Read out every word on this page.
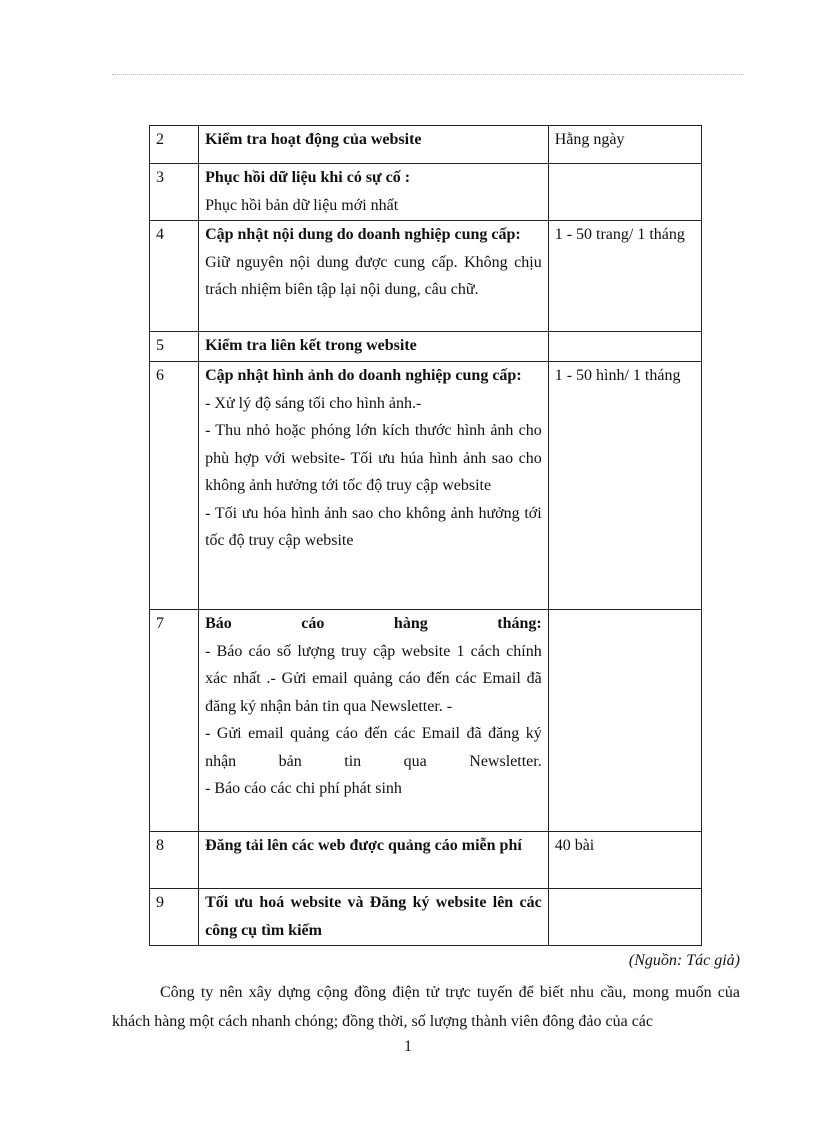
2	Kiểm tra hoạt động của website	Hằng ngày
3	Phục hồi dữ liệu khi có sự cố :
Phục hồi bản dữ liệu mới nhất	

4	Cập nhật nội dung do doanh nghiệp cung cấp:
Giữ nguyên nội dung được cung cấp. Không chịu trách nhiệm biên tập lại nội dung, câu chữ.	1 - 50 trang/ 1 tháng
5	Kiểm tra liên kết trong website	

6	Cập nhật hình ảnh do doanh nghiệp cung cấp:
- Xử lý độ sáng tối cho hình ảnh.-
- Thu nhỏ hoặc phóng lớn kích thước hình ảnh cho phù hợp với website- Tối ưu húa hình ảnh sao cho không ảnh hưởng tới tốc độ truy cập website
- Tối ưu hóa hình ảnh sao cho không ảnh hưởng tới tốc độ truy cập website	1 - 50 hình/ 1 tháng
7	Báo cáo hàng tháng:
- Báo cáo số lượng truy cập website 1 cách chính xác nhất .- Gửi email quảng cáo đến các Email đã đăng ký nhận bản tin qua Newsletter. -
- Gửi email quảng cáo đến các Email đã đăng ký nhận bản tin qua Newsletter.
- Báo cáo các chi phí phát sinh	

8	Đăng tải lên các web được quảng cáo miễn phí	40 bài
9	Tối ưu hoá website và Đăng ký website lên các công cụ tìm kiếm	

(Nguồn: Tác giả)
Công ty nên xây dựng cộng đồng điện tử trực tuyến để biết nhu cầu, mong muốn của khách hàng một cách nhanh chóng; đồng thời, số lượng thành viên đông đảo của các
1
